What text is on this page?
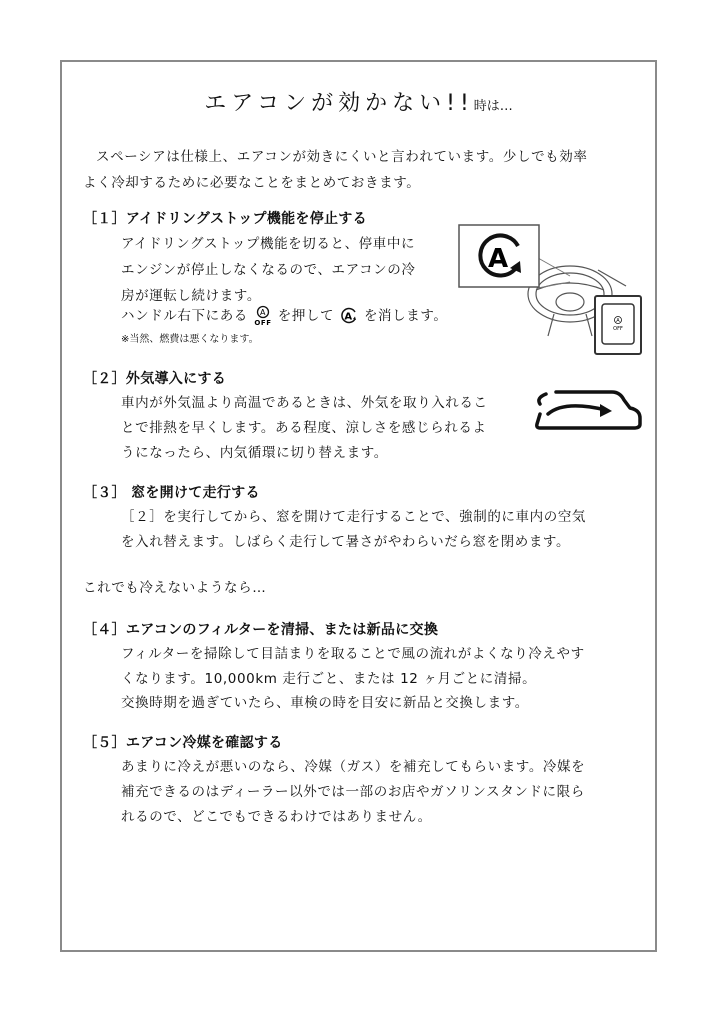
エアコンが効かない!!時は…
スペーシアは仕様上、エアコンが効きにくいと言われています。少しでも効率
よく冷却するために必要なことをまとめておきます。
［１］アイドリングストップ機能を停止する
アイドリングストップ機能を切ると、停車中に
エンジンが停止しなくなるので、エアコンの冷
房が運転し続けます。
ハンドル右下にある A
OFF を押して A を消します。
※当然、燃費は悪くなります。
A
A
OFF
［２］外気導入にする
車内が外気温より高温であるときは、外気を取り入れるこ
とで排熱を早くします。ある程度、涼しさを感じられるよ
うになったら、内気循環に切り替えます。
［３］ 窓を開けて走行する
［２］を実行してから、窓を開けて走行することで、強制的に車内の空気
を入れ替えます。しばらく走行して暑さがやわらいだら窓を閉めます。
これでも冷えないようなら…
［４］エアコンのフィルターを清掃、または新品に交換
フィルターを掃除して目詰まりを取ることで風の流れがよくなり冷えやす
くなります。10,000km 走行ごと、または 12 ヶ月ごとに清掃。
交換時期を過ぎていたら、車検の時を目安に新品と交換します。
［５］エアコン冷媒を確認する
あまりに冷えが悪いのなら、冷媒（ガス）を補充してもらいます。冷媒を
補充できるのはディーラー以外では一部のお店やガソリンスタンドに限ら
れるので、どこでもできるわけではありません。
